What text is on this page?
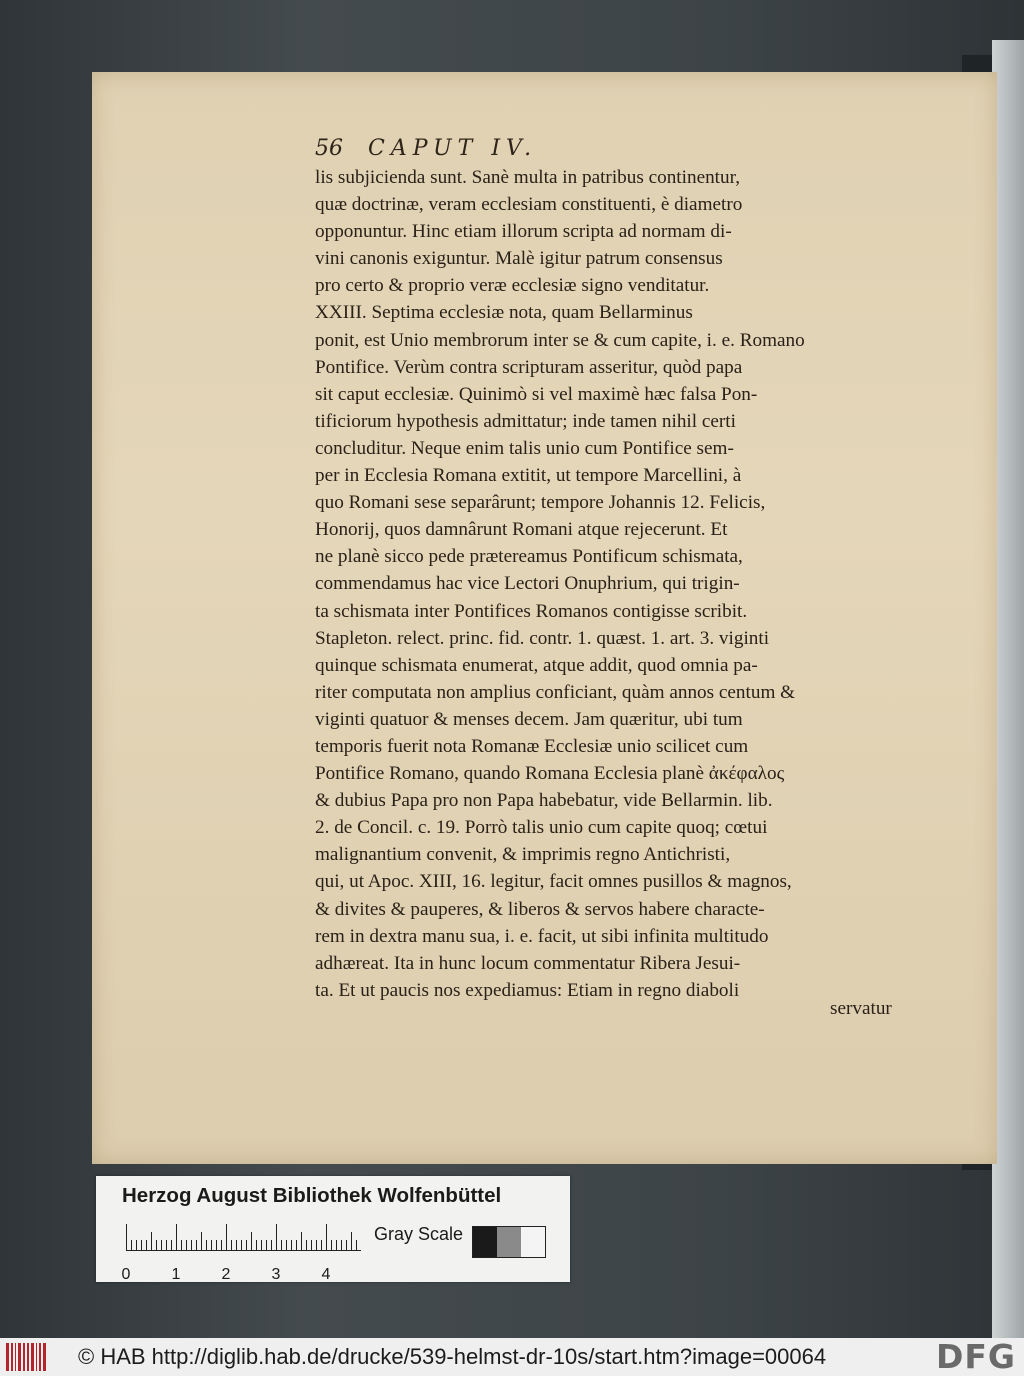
56 CAPUT IV.
lis subjicienda sunt. Sanè multa in patribus continentur,
quæ doctrinæ, veram ecclesiam constituenti, è diametro
opponuntur. Hinc etiam illorum scripta ad normam di-
vini canonis exiguntur. Malè igitur patrum consensus
pro certo & proprio veræ ecclesiæ signo venditatur.
XXIII. Septima ecclesiæ nota, quam Bellarminus
ponit, est Unio membrorum inter se & cum capite, i. e. Romano
Pontifice. Verùm contra scripturam asseritur, quòd papa
sit caput ecclesiæ. Quinimò si vel maximè hæc falsa Pon-
tificiorum hypothesis admittatur; inde tamen nihil certi
concluditur. Neque enim talis unio cum Pontifice sem-
per in Ecclesia Romana extitit, ut tempore Marcellini, à
quo Romani sese separârunt; tempore Johannis 12. Felicis,
Honorij, quos damnârunt Romani atque rejecerunt. Et
ne planè sicco pede prætereamus Pontificum schismata,
commendamus hac vice Lectori Onuphrium, qui trigin-
ta schismata inter Pontifices Romanos contigisse scribit.
Stapleton. relect. princ. fid. contr. 1. quæst. 1. art. 3. viginti
quinque schismata enumerat, atque addit, quod omnia pa-
riter computata non amplius conficiant, quàm annos centum &
viginti quatuor & menses decem. Jam quæritur, ubi tum
temporis fuerit nota Romanæ Ecclesiæ unio scilicet cum
Pontifice Romano, quando Romana Ecclesia planè ἀκέφαλος
& dubius Papa pro non Papa habebatur, vide Bellarmin. lib.
2. de Concil. c. 19. Porrò talis unio cum capite quoq; cœtui
malignantium convenit, & imprimis regno Antichristi,
qui, ut Apoc. XIII, 16. legitur, facit omnes pusillos & magnos,
& divites & pauperes, & liberos & servos habere characte-
rem in dextra manu sua, i. e. facit, ut sibi infinita multitudo
adhæreat. Ita in hunc locum commentatur Ribera Jesui-
ta. Et ut paucis nos expediamus: Etiam in regno diaboli
servatur
Herzog August Bibliothek Wolfenbüttel
0	1	2	3	4
Gray Scale
© HAB http://diglib.hab.de/drucke/539-helmst-dr-10s/start.htm?image=00064	DFG
